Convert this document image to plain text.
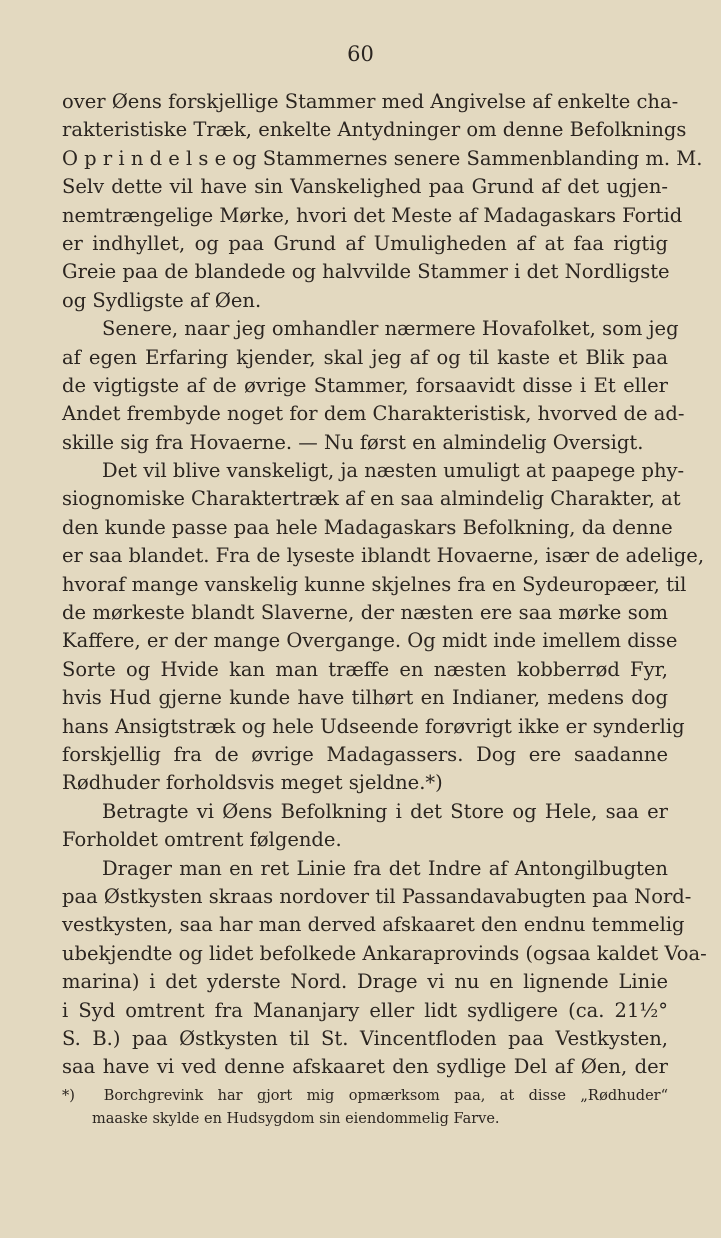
60
over Øens forskjellige Stammer med Angivelse af enkelte cha-
rakteristiske Træk, enkelte Antydninger om denne Befolknings
O p r i n d e l s e og Stammernes senere Sammenblanding m. M.
Selv dette vil have sin Vanskelighed paa Grund af det ugjen-
nemtrængelige Mørke, hvori det Meste af Madagaskars Fortid
er indhyllet, og paa Grund af Umuligheden af at faa rigtig
Greie paa de blandede og halvvilde Stammer i det Nordligste
og Sydligste af Øen.
Senere, naar jeg omhandler nærmere Hovafolket, som jeg
af egen Erfaring kjender, skal jeg af og til kaste et Blik paa
de vigtigste af de øvrige Stammer, forsaavidt disse i Et eller
Andet frembyde noget for dem Charakteristisk, hvorved de ad-
skille sig fra Hovaerne. — Nu først en almindelig Oversigt.
Det vil blive vanskeligt, ja næsten umuligt at paapege phy-
siognomiske Charaktertræk af en saa almindelig Charakter, at
den kunde passe paa hele Madagaskars Befolkning, da denne
er saa blandet. Fra de lyseste iblandt Hovaerne, især de adelige,
hvoraf mange vanskelig kunne skjelnes fra en Sydeuropæer, til
de mørkeste blandt Slaverne, der næsten ere saa mørke som
Kaffere, er der mange Overgange. Og midt inde imellem disse
Sorte og Hvide kan man træffe en næsten kobberrød Fyr,
hvis Hud gjerne kunde have tilhørt en Indianer, medens dog
hans Ansigtstræk og hele Udseende forøvrigt ikke er synderlig
forskjellig fra de øvrige Madagassers. Dog ere saadanne
Rødhuder forholdsvis meget sjeldne.*)
Betragte vi Øens Befolkning i det Store og Hele, saa er
Forholdet omtrent følgende.
Drager man en ret Linie fra det Indre af Antongilbugten
paa Østkysten skraas nordover til Passandavabugten paa Nord-
vestkysten, saa har man derved afskaaret den endnu temmelig
ubekjendte og lidet befolkede Ankaraprovinds (ogsaa kaldet Voa-
marina) i det yderste Nord. Drage vi nu en lignende Linie
i Syd omtrent fra Mananjary eller lidt sydligere (ca. 21½°
S. B.) paa Østkysten til St. Vincentfloden paa Vestkysten,
saa have vi ved denne afskaaret den sydlige Del af Øen, der
*) Borchgrevink har gjort mig opmærksom paa, at disse „Rødhuder“
maaske skylde en Hudsygdom sin eiendommelig Farve.
